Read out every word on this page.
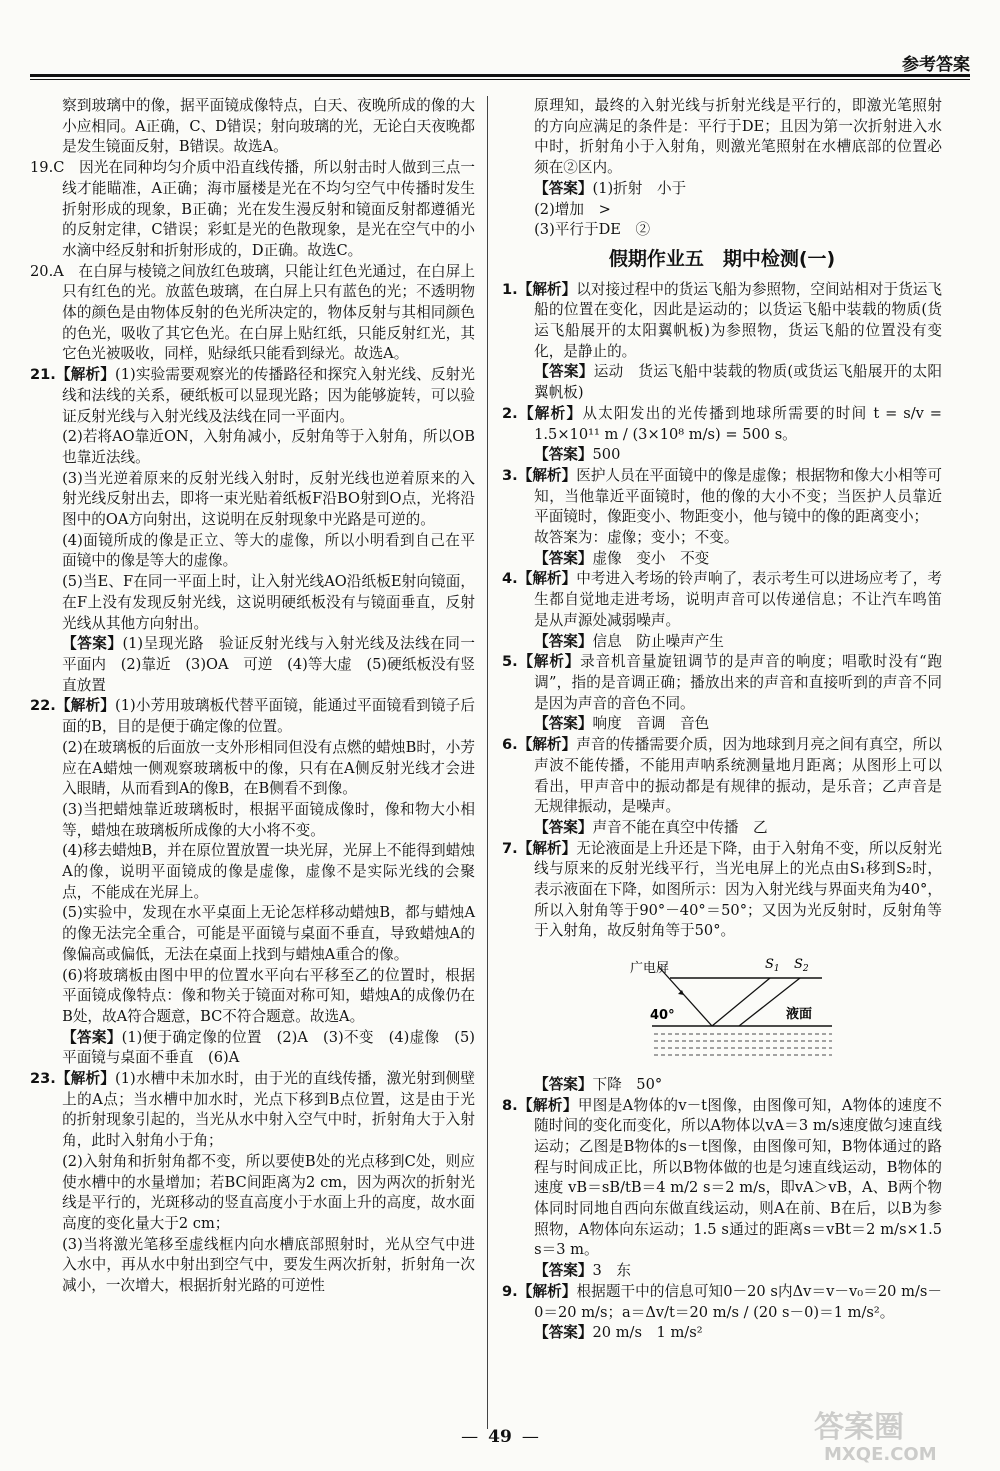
参考答案

察到玻璃中的像，据平面镜成像特点，白天、夜晚所成的像的大小应相同。A正确，C、D错误；射向玻璃的光，无论白天夜晚都是发生镜面反射，B错误。故选A。

19.C　因光在同种均匀介质中沿直线传播，所以射击时人做到三点一线才能瞄准，A正确；海市蜃楼是光在不均匀空气中传播时发生折射形成的现象，B正确；光在发生漫反射和镜面反射都遵循光的反射定律，C错误；彩虹是光的色散现象，是光在空气中的小水滴中经反射和折射形成的，D正确。故选C。

20.A　在白屏与棱镜之间放红色玻璃，只能让红色光通过，在白屏上只有红色的光。放蓝色玻璃，在白屏上只有蓝色的光；不透明物体的颜色是由物体反射的色光所决定的，物体反射与其相同颜色的色光，吸收了其它色光。在白屏上贴红纸，只能反射红光，其它色光被吸收，同样，贴绿纸只能看到绿光。故选A。

21.【解析】(1)实验需要观察光的传播路径和探究入射光线、反射光线和法线的关系，硬纸板可以显现光路；因为能够旋转，可以验证反射光线与入射光线及法线在同一平面内。

(2)若将AO靠近ON，入射角减小，反射角等于入射角，所以OB也靠近法线。

(3)当光逆着原来的反射光线入射时，反射光线也逆着原来的入射光线反射出去，即将一束光贴着纸板F沿BO射到O点，光将沿图中的OA方向射出，这说明在反射现象中光路是可逆的。

(4)面镜所成的像是正立、等大的虚像，所以小明看到自己在平面镜中的像是等大的虚像。

(5)当E、F在同一平面上时，让入射光线AO沿纸板E射向镜面，在F上没有发现反射光线，这说明硬纸板没有与镜面垂直，反射光线从其他方向射出。

【答案】(1)呈现光路　验证反射光线与入射光线及法线在同一平面内　(2)靠近　(3)OA　可逆　(4)等大虚　(5)硬纸板没有竖直放置

22.【解析】(1)小芳用玻璃板代替平面镜，能通过平面镜看到镜子后面的B，目的是便于确定像的位置。

(2)在玻璃板的后面放一支外形相同但没有点燃的蜡烛B时，小芳应在A蜡烛一侧观察玻璃板中的像，只有在A侧反射光线才会进入眼睛，从而看到A的像B，在B侧看不到像。

(3)当把蜡烛靠近玻璃板时，根据平面镜成像时，像和物大小相等，蜡烛在玻璃板所成像的大小将不变。

(4)移去蜡烛B，并在原位置放置一块光屏，光屏上不能得到蜡烛A的像，说明平面镜成的像是虚像，虚像不是实际光线的会聚点，不能成在光屏上。

(5)实验中，发现在水平桌面上无论怎样移动蜡烛B，都与蜡烛A的像无法完全重合，可能是平面镜与桌面不垂直，导致蜡烛A的像偏高或偏低，无法在桌面上找到与蜡烛A重合的像。

(6)将玻璃板由图中甲的位置水平向右平移至乙的位置时，根据平面镜成像特点：像和物关于镜面对称可知，蜡烛A的成像仍在B处，故A符合题意，BC不符合题意。故选A。

【答案】(1)便于确定像的位置　(2)A　(3)不变　(4)虚像　(5)平面镜与桌面不垂直　(6)A

23.【解析】(1)水槽中未加水时，由于光的直线传播，激光射到侧壁上的A点；当水槽中加水时，光点下移到B点位置，这是由于光的折射现象引起的，当光从水中射入空气中时，折射角大于入射角，此时入射角小于角；

(2)入射角和折射角都不变，所以要使B处的光点移到C处，则应使水槽中的水量增加；若BC间距离为2 cm，因为两次的折射光线是平行的，光斑移动的竖直高度小于水面上升的高度，故水面高度的变化量大于2 cm；

(3)当将激光笔移至虚线框内向水槽底部照射时，光从空气中进入水中，再从水中射出到空气中，要发生两次折射，折射角一次减小，一次增大，根据折射光路的可逆性

原理知，最终的入射光线与折射光线是平行的，即激光笔照射的方向应满足的条件是：平行于DE；且因为第一次折射进入水中时，折射角小于入射角，则激光笔照射在水槽底部的位置必须在②区内。

【答案】(1)折射　小于

(2)增加　>

(3)平行于DE　②

假期作业五　期中检测(一)

1.【解析】以对接过程中的货运飞船为参照物，空间站相对于货运飞船的位置在变化，因此是运动的；以货运飞船中装载的物质(货运飞船展开的太阳翼帆板)为参照物，货运飞船的位置没有变化，是静止的。

【答案】运动　货运飞船中装载的物质(或货运飞船展开的太阳翼帆板)

2.【解析】从太阳发出的光传播到地球所需要的时间 t = s/v = 1.5×10¹¹ m / (3×10⁸ m/s) = 500 s。

【答案】500

3.【解析】医护人员在平面镜中的像是虚像；根据物和像大小相等可知，当他靠近平面镜时，他的像的大小不变；当医护人员靠近平面镜时，像距变小、物距变小，他与镜中的像的距离变小；

故答案为：虚像；变小；不变。

【答案】虚像　变小　不变

4.【解析】中考进入考场的铃声响了，表示考生可以进场应考了，考生都自觉地走进考场，说明声音可以传递信息；不让汽车鸣笛是从声源处减弱噪声。

【答案】信息　防止噪声产生

5.【解析】录音机音量旋钮调节的是声音的响度；唱歌时没有“跑调”，指的是音调正确；播放出来的声音和直接听到的声音不同是因为声音的音色不同。

【答案】响度　音调　音色

6.【解析】声音的传播需要介质，因为地球到月亮之间有真空，所以声波不能传播，不能用声呐系统测量地月距离；从图形上可以看出，甲声音中的振动都是有规律的振动，是乐音；乙声音是无规律振动，是噪声。

【答案】声音不能在真空中传播　乙

7.【解析】无论液面是上升还是下降，由于入射角不变，所以反射光线与原来的反射光线平行，当光电屏上的光点由S₁移到S₂时，表示液面在下降，如图所示：因为入射光线与界面夹角为40°，所以入射角等于90°－40°＝50°；又因为光反射时，反射角等于入射角，故反射角等于50°。

广电屏	$S_1$ $S_2$
40°	液面

【答案】下降　50°

8.【解析】甲图是A物体的v－t图像，由图像可知，A物体的速度不随时间的变化而变化，所以A物体以vA＝3 m/s速度做匀速直线运动；乙图是B物体的s－t图像，由图像可知，B物体通过的路程与时间成正比，所以B物体做的也是匀速直线运动，B物体的速度 vB＝sB/tB＝4 m/2 s＝2 m/s，即vA＞vB，A、B两个物体同时同地自西向东做直线运动，则A在前、B在后，以B为参照物，A物体向东运动；1.5 s通过的距离s＝vBt＝2 m/s×1.5 s＝3 m。

【答案】3　东

9.【解析】根据题干中的信息可知0－20 s内Δv＝v－v₀＝20 m/s－0＝20 m/s；a＝Δv/t＝20 m/s / (20 s－0)＝1 m/s²。

【答案】20 m/s　1 m/s²

— 49 —	答案圈
MXQE.COM
